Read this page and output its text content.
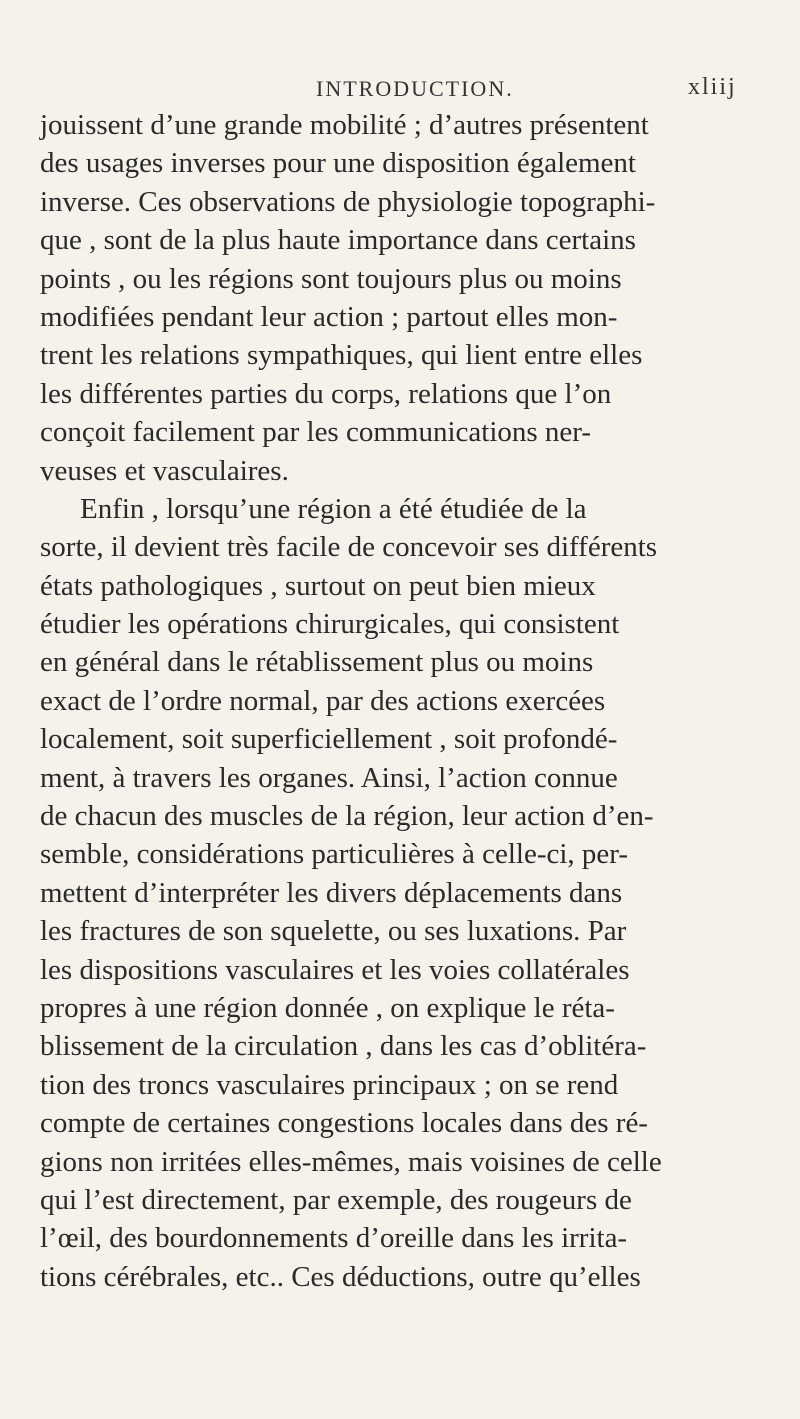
INTRODUCTION.	xliij
jouissent d’une grande mobilité ; d’autres présentent
des usages inverses pour une disposition également
inverse. Ces observations de physiologie topographi-
que , sont de la plus haute importance dans certains
points , ou les régions sont toujours plus ou moins
modifiées pendant leur action ; partout elles mon-
trent les relations sympathiques, qui lient entre elles
les différentes parties du corps, relations que l’on
conçoit facilement par les communications ner-
veuses et vasculaires.
Enfin , lorsqu’une région a été étudiée de la
sorte, il devient très facile de concevoir ses différents
états pathologiques , surtout on peut bien mieux
étudier les opérations chirurgicales, qui consistent
en général dans le rétablissement plus ou moins
exact de l’ordre normal, par des actions exercées
localement, soit superficiellement , soit profondé-
ment, à travers les organes. Ainsi, l’action connue
de chacun des muscles de la région, leur action d’en-
semble, considérations particulières à celle-ci, per-
mettent d’interpréter les divers déplacements dans
les fractures de son squelette, ou ses luxations. Par
les dispositions vasculaires et les voies collatérales
propres à une région donnée , on explique le réta-
blissement de la circulation , dans les cas d’oblitéra-
tion des troncs vasculaires principaux ; on se rend
compte de certaines congestions locales dans des ré-
gions non irritées elles-mêmes, mais voisines de celle
qui l’est directement, par exemple, des rougeurs de
l’œil, des bourdonnements d’oreille dans les irrita-
tions cérébrales, etc.. Ces déductions, outre qu’elles
